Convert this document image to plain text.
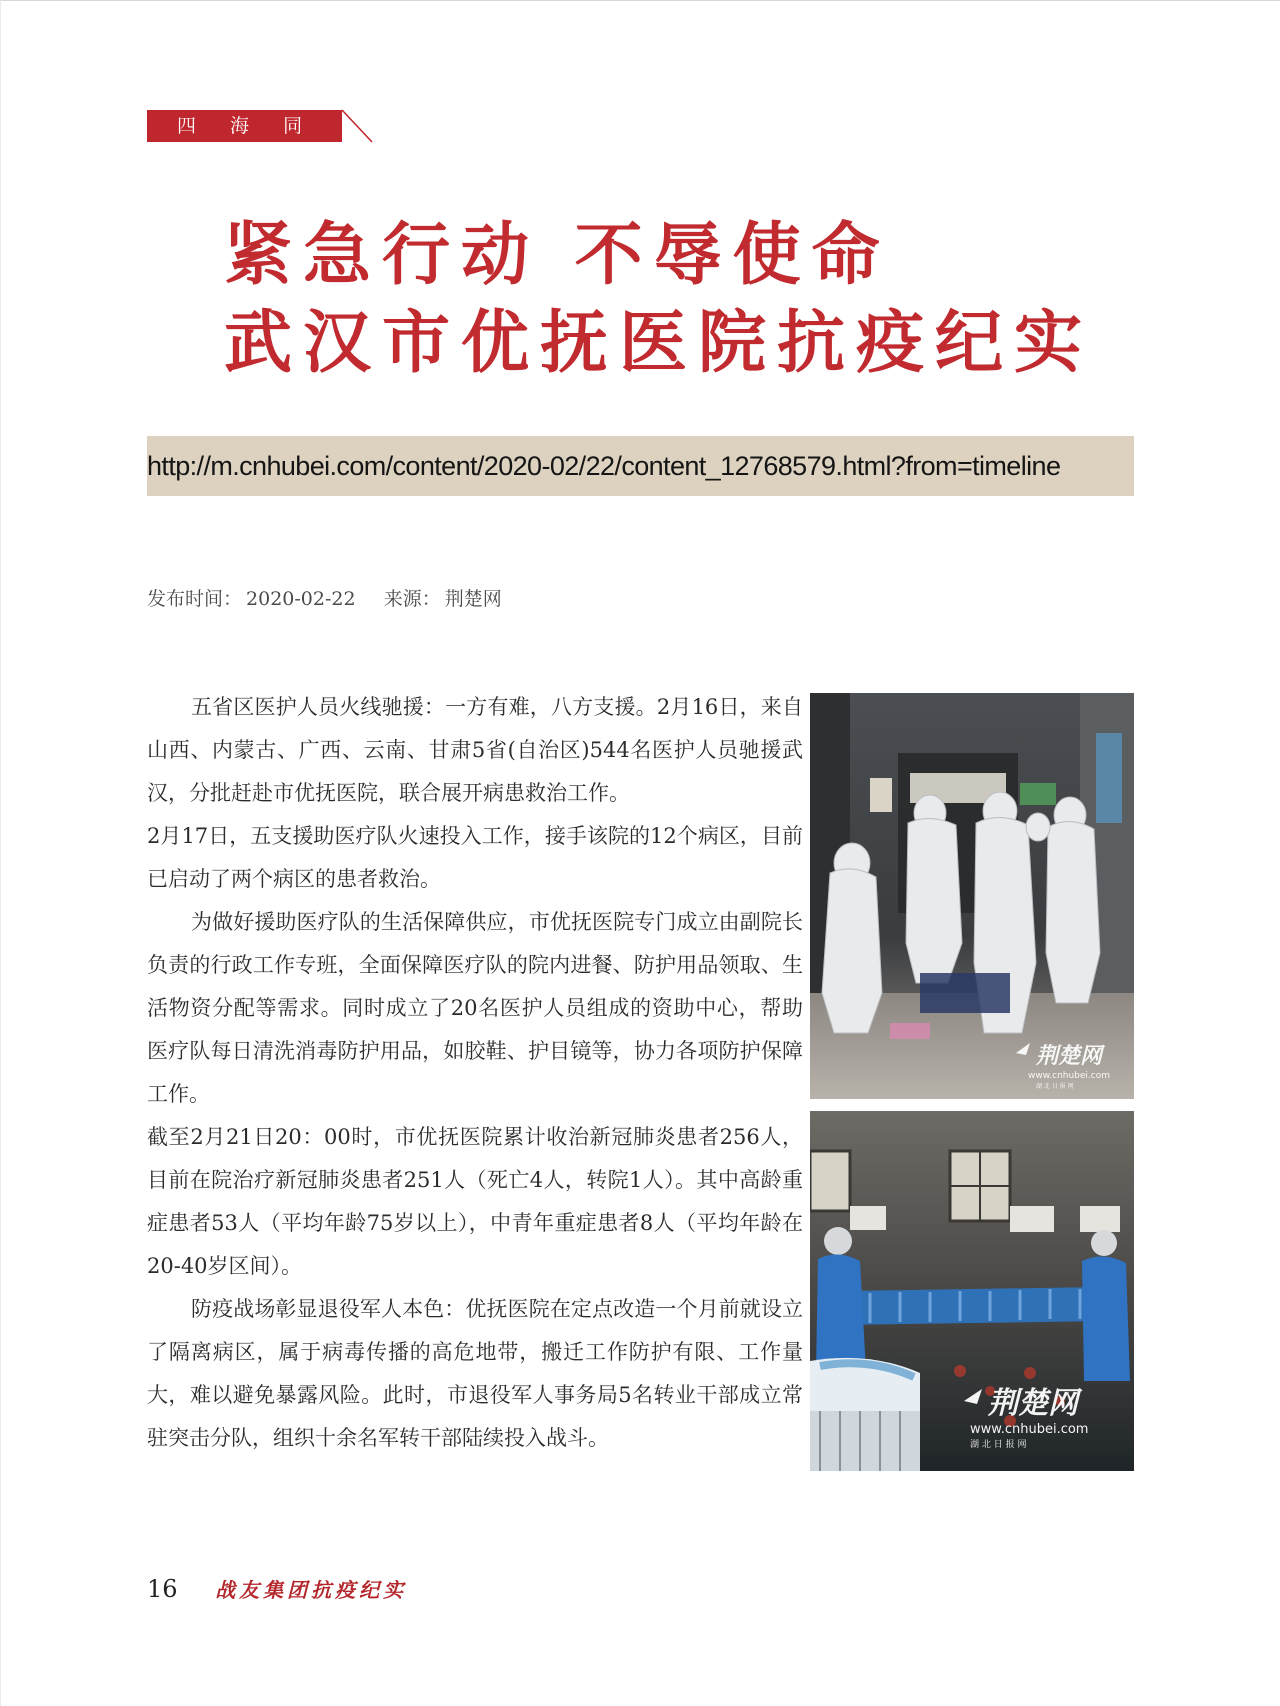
四 海 同 心
紧急行动 不辱使命
武汉市优抚医院抗疫纪实
http://m.cnhubei.com/content/2020-02/22/content_12768579.html?from=timeline
发布时间： 2020-02-22 来源： 荆楚网

五省区医护人员火线驰援：一方有难，八方支援。2月16日，来自山西、内蒙古、广西、云南、甘肃5省(自治区)544名医护人员驰援武汉，分批赶赴市优抚医院，联合展开病患救治工作。

2月17日，五支援助医疗队火速投入工作，接手该院的12个病区，目前已启动了两个病区的患者救治。

为做好援助医疗队的生活保障供应，市优抚医院专门成立由副院长负责的行政工作专班，全面保障医疗队的院内进餐、防护用品领取、生活物资分配等需求。同时成立了20名医护人员组成的资助中心，帮助医疗队每日清洗消毒防护用品，如胶鞋、护目镜等，协力各项防护保障工作。

截至2月21日20：00时，市优抚医院累计收治新冠肺炎患者256人，目前在院治疗新冠肺炎患者251人（死亡4人，转院1人）。其中高龄重症患者53人（平均年龄75岁以上），中青年重症患者8人（平均年龄在20-40岁区间）。

防疫战场彰显退役军人本色：优抚医院在定点改造一个月前就设立了隔离病区，属于病毒传播的高危地带，搬迁工作防护有限、工作量大，难以避免暴露风险。此时，市退役军人事务局5名转业干部成立常驻突击分队，组织十余名军转干部陆续投入战斗。

荆楚网
www.cnhubei.com
湖 北 日 报 网
荆楚网
www.cnhubei.com
湖 北 日 报 网
16 战友集团抗疫纪实
